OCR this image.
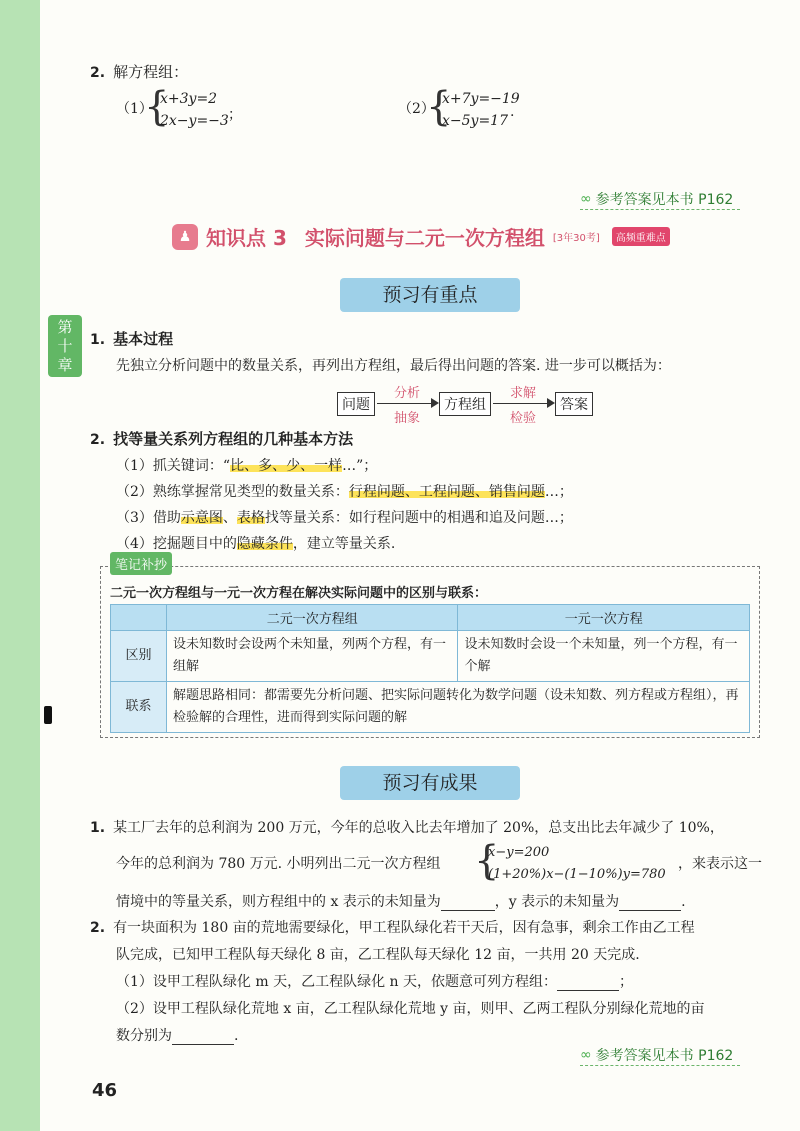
2. 解方程组：
（1）
{
x+3y=2
2x−y=−3 ；	（2）
{
x+7y=−19
x−5y=17
.
∞ 参考答案见本书 P162
♟ 知识点 3 实际问题与二元一次方程组 [3年30考]	高频重难点
第十章
预习有重点
1. 基本过程
先独立分析问题中的数量关系，再列出方程组，最后得出问题的答案. 进一步可以概括为：
问题
分析
抽象
方程组
求解
检验
答案
2. 找等量关系列方程组的几种基本方法
（1）抓关键词：“比、多、少、一样…”；
（2）熟练掌握常见类型的数量关系：行程问题、工程问题、销售问题…；
（3）借助示意图、表格找等量关系：如行程问题中的相遇和追及问题…；
（4）挖掘题目中的隐藏条件，建立等量关系.
笔记补抄
二元一次方程组与一元一次方程在解决实际问题中的区别与联系：
	二元一次方程组	一元一次方程
区别	设未知数时会设两个未知量，列两个方程，有一组解	设未知数时会设一个未知量，列一个方程，有一个解
联系	解题思路相同：都需要先分析问题、把实际问题转化为数学问题（设未知数、列方程或方程组），再检验解的合理性，进而得到实际问题的解	
预习有成果
1. 某工厂去年的总利润为 200 万元，今年的总收入比去年增加了 20%，总支出比去年减少了 10%，
今年的总利润为 780 万元. 小明列出二元一次方程组 {
x−y=200
(1+20%)x−(1−10%)y=780
，来表示这一
情境中的等量关系，则方程组中的 x 表示的未知量为	，y 表示的未知量为	.
2. 有一块面积为 180 亩的荒地需要绿化，甲工程队绿化若干天后，因有急事，剩余工作由乙工程
队完成，已知甲工程队每天绿化 8 亩，乙工程队每天绿化 12 亩，一共用 20 天完成.
（1）设甲工程队绿化 m 天，乙工程队绿化 n 天，依题意可列方程组：	；
（2）设甲工程队绿化荒地 x 亩，乙工程队绿化荒地 y 亩，则甲、乙两工程队分别绿化荒地的亩
数分别为	.
∞ 参考答案见本书 P162
46
